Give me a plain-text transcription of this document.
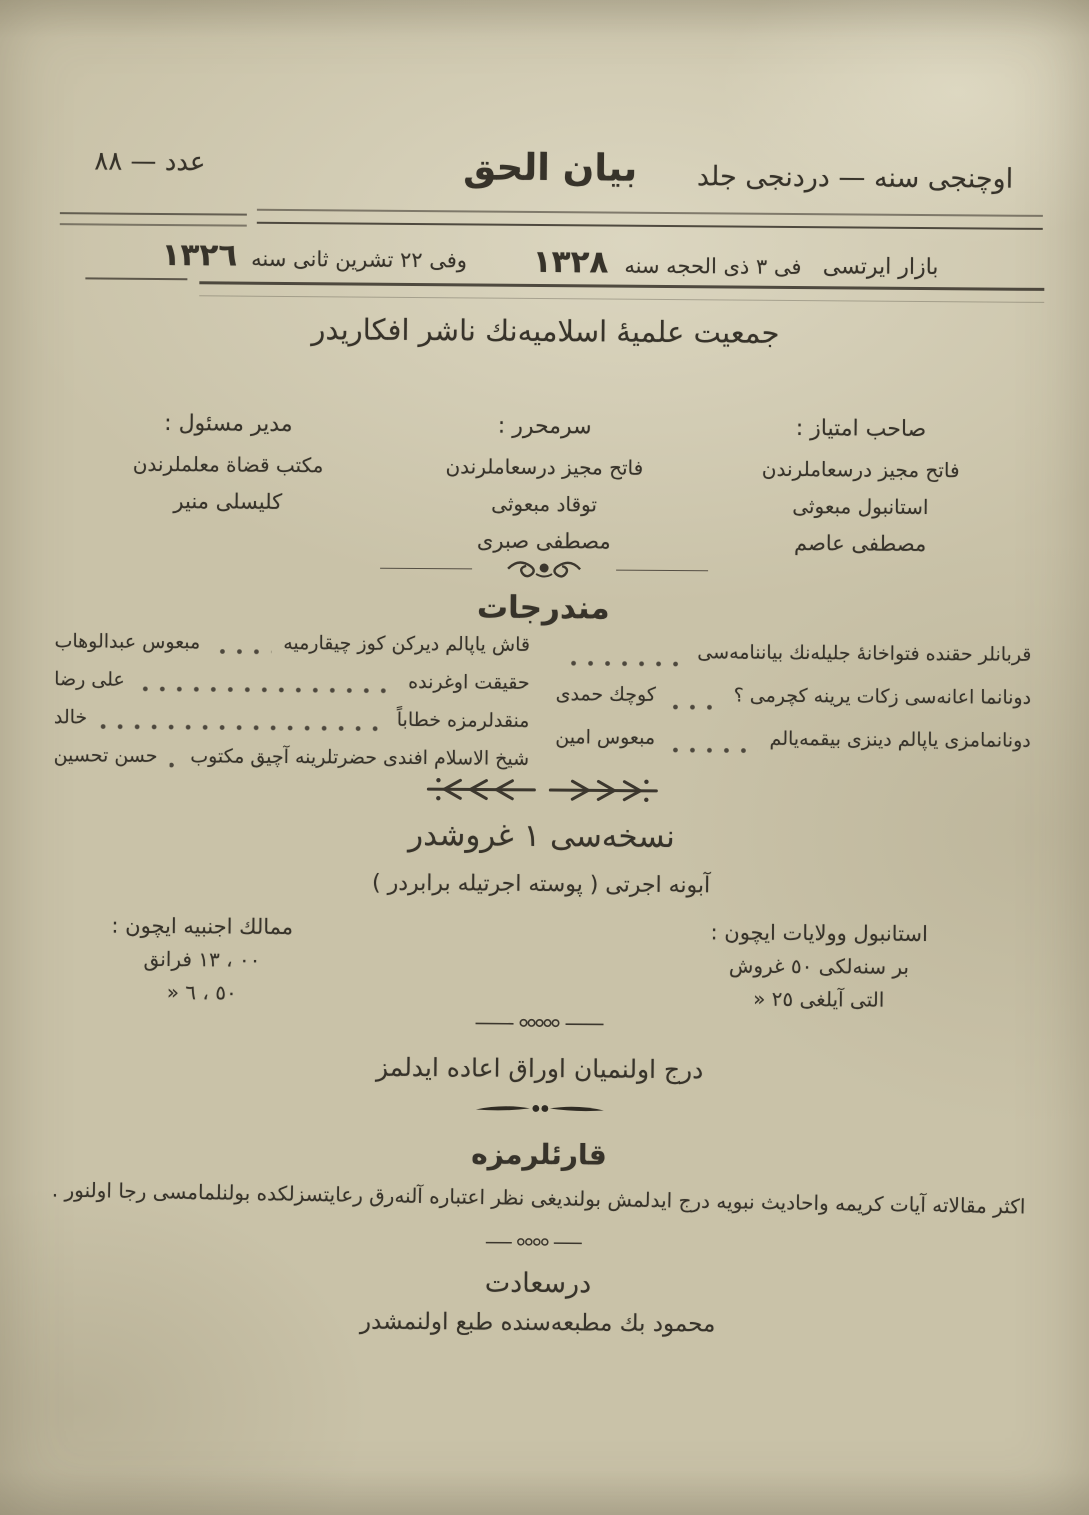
اوچنجى سنه — دردنجى جلد
بيان الحق
عدد — ٨٨
بازار ايرتسى
فى ٣ ذى الحجه سنه
١٣٢٨
وفى ٢٢ تشرين ثانى سنه
١٣٢٦
جمعيت علميهٔ اسلاميه‌نك ناشر افكاريدر
صاحب امتياز :
فاتح مجيز درسعاملرندن
استانبول مبعوثى
مصطفى عاصم
سرمحرر :
فاتح مجيز درسعاملرندن
توقاد مبعوثى
مصطفى صبرى
مدير مسئول :
مكتب قضاة معلملرندن
كليسلى منير
مندرجات
قربانلر حقنده فتواخانهٔ جليله‌نك بياننامه‌سى
دونانما اعانه‌سى زكات يرينه كچرمى ؟
كوچك حمدى
دونانمامزى ياپالم دينزى بيقمه‌يالم
مبعوس امين
قاش ياپالم ديركن كوز چيقارميه
مبعوس عبدالوهاب
حقيقت اوغرنده
على رضا
منقدلرمزه خطاباً
خالد
شيخ الاسلام افندى حضرتلرينه آچيق مكتوب
حسن تحسين
نسخه‌سى ١ غروشدر
آبونه اجرتى ( پوسته اجرتيله برابردر )
استانبول وولايات ايچون :
بر سنه‌لكى ٥٠ غروش
التى آيلغى ٢٥ «
ممالك اجنبيه ايچون :
٠٠ ، ١٣ فرانق
» ٥٠ ، ٦
درج اولنميان اوراق اعاده ايدلمز
قارئلرمزه
اكثر مقالاته آيات كريمه واحاديث نبويه درج ايدلمش بولنديغى نظر اعتباره آلنه‌رق رعايتسزلكده بولنلمامسى رجا اولنور .
درسعادت
محمود بك مطبعه‌سنده طبع اولنمشدر
